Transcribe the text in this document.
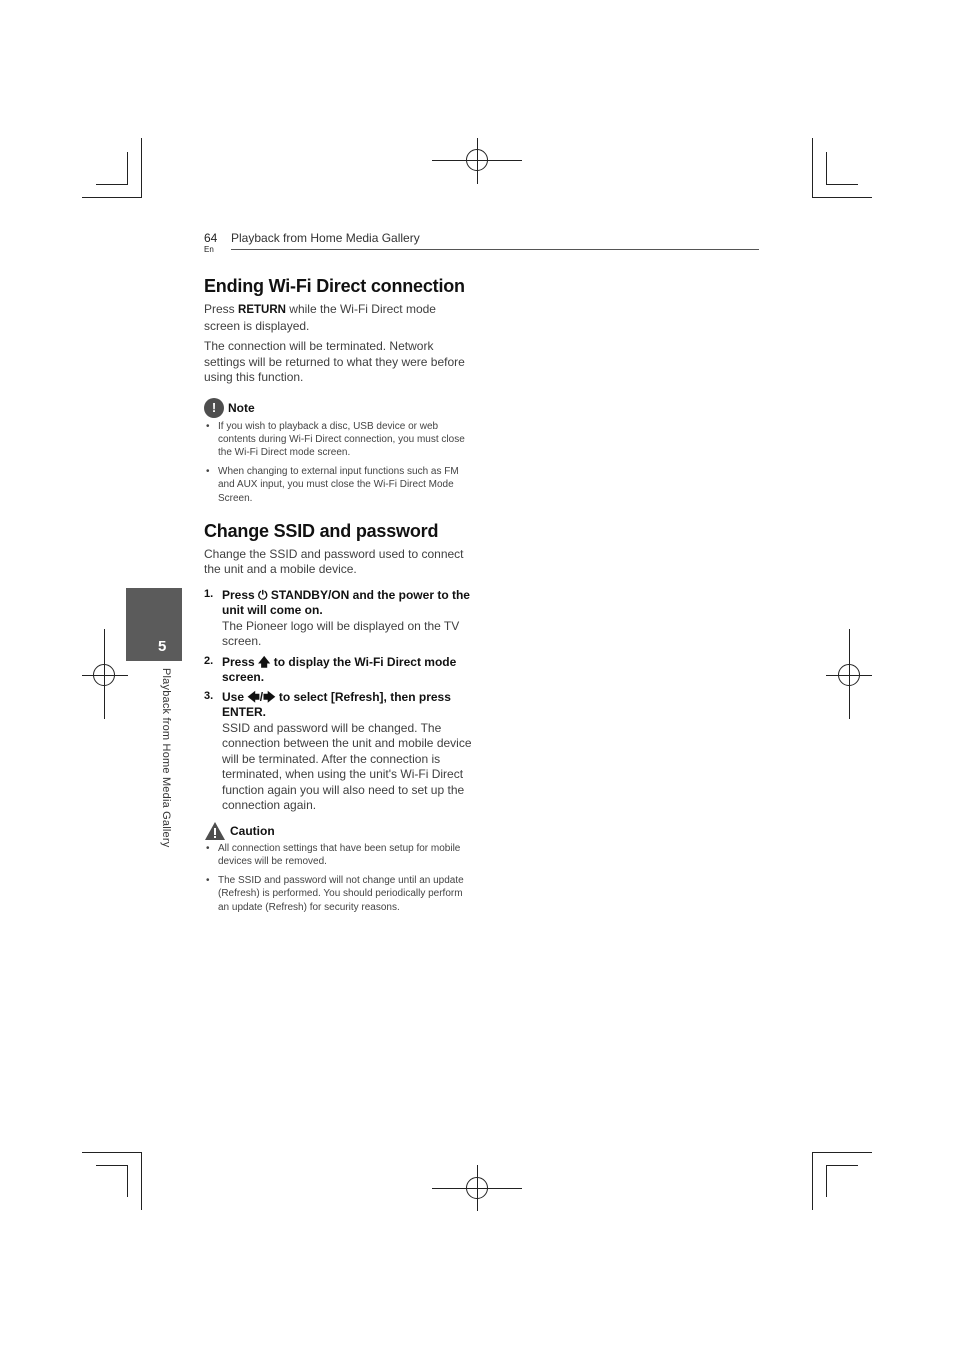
64
En
Playback from Home Media Gallery
5
Playback from Home Media Gallery
Ending Wi-Fi Direct connection

Press RETURN while the Wi-Fi Direct mode screen is displayed.

The connection will be terminated. Network settings will be returned to what they were before using this function.

! Note
• If you wish to playback a disc, USB device or web contents during Wi-Fi Direct connection, you must close the Wi-Fi Direct mode screen.
• When changing to external input functions such as FM and AUX input, you must close the Wi-Fi Direct Mode Screen.
Change SSID and password

Change the SSID and password used to connect the unit and a mobile device.

1. Press ⏻ STANDBY/ON and the power to the unit will come on.
The Pioneer logo will be displayed on the TV screen.
2. Press 🡅 to display the Wi-Fi Direct mode screen.
3. Use 🡄/🡆 to select [Refresh], then press ENTER.
SSID and password will be changed. The connection between the unit and mobile device will be terminated. After the connection is terminated, when using the unit's Wi-Fi Direct function again you will also need to set up the connection again.
Caution
• All connection settings that have been setup for mobile devices will be removed.
• The SSID and password will not change until an update (Refresh) is performed. You should periodically perform an update (Refresh) for security reasons.
